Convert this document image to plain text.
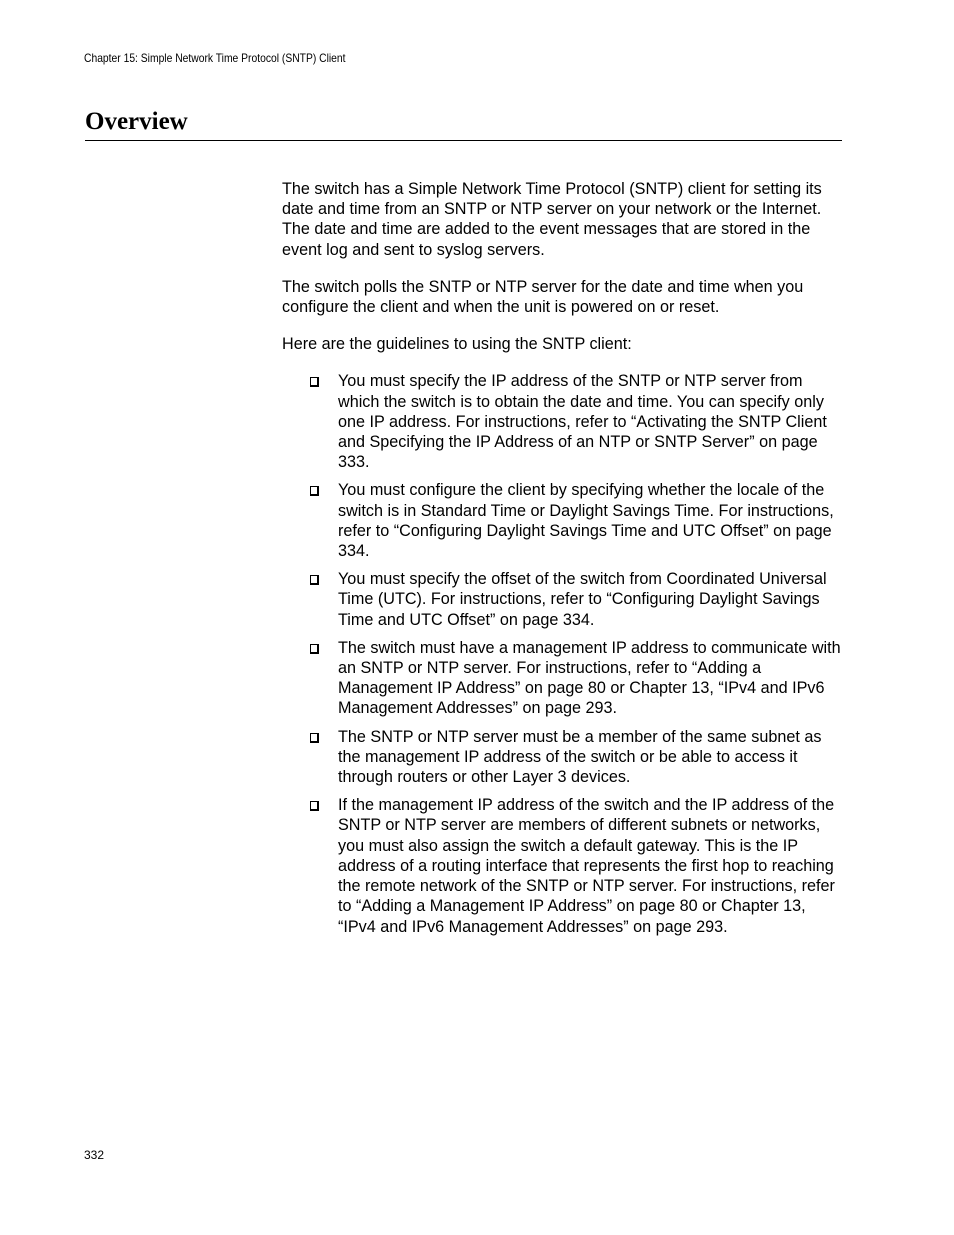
Chapter 15: Simple Network Time Protocol (SNTP) Client
Overview

The switch has a Simple Network Time Protocol (SNTP) client for setting its date and time from an SNTP or NTP server on your network or the Internet. The date and time are added to the event messages that are stored in the event log and sent to syslog servers.

The switch polls the SNTP or NTP server for the date and time when you configure the client and when the unit is powered on or reset.

Here are the guidelines to using the SNTP client:

You must specify the IP address of the SNTP or NTP server from which the switch is to obtain the date and time. You can specify only one IP address. For instructions, refer to “Activating the SNTP Client and Specifying the IP Address of an NTP or SNTP Server” on page 333.
You must configure the client by specifying whether the locale of the switch is in Standard Time or Daylight Savings Time. For instructions, refer to “Configuring Daylight Savings Time and UTC Offset” on page 334.
You must specify the offset of the switch from Coordinated Universal Time (UTC). For instructions, refer to “Configuring Daylight Savings Time and UTC Offset” on page 334.
The switch must have a management IP address to communicate with an SNTP or NTP server. For instructions, refer to “Adding a Management IP Address” on page 80 or Chapter 13, “IPv4 and IPv6 Management Addresses” on page 293.
The SNTP or NTP server must be a member of the same subnet as the management IP address of the switch or be able to access it through routers or other Layer 3 devices.
If the management IP address of the switch and the IP address of the SNTP or NTP server are members of different subnets or networks, you must also assign the switch a default gateway. This is the IP address of a routing interface that represents the first hop to reaching the remote network of the SNTP or NTP server. For instructions, refer to “Adding a Management IP Address” on page 80 or Chapter 13, “IPv4 and IPv6 Management Addresses” on page 293.
332
